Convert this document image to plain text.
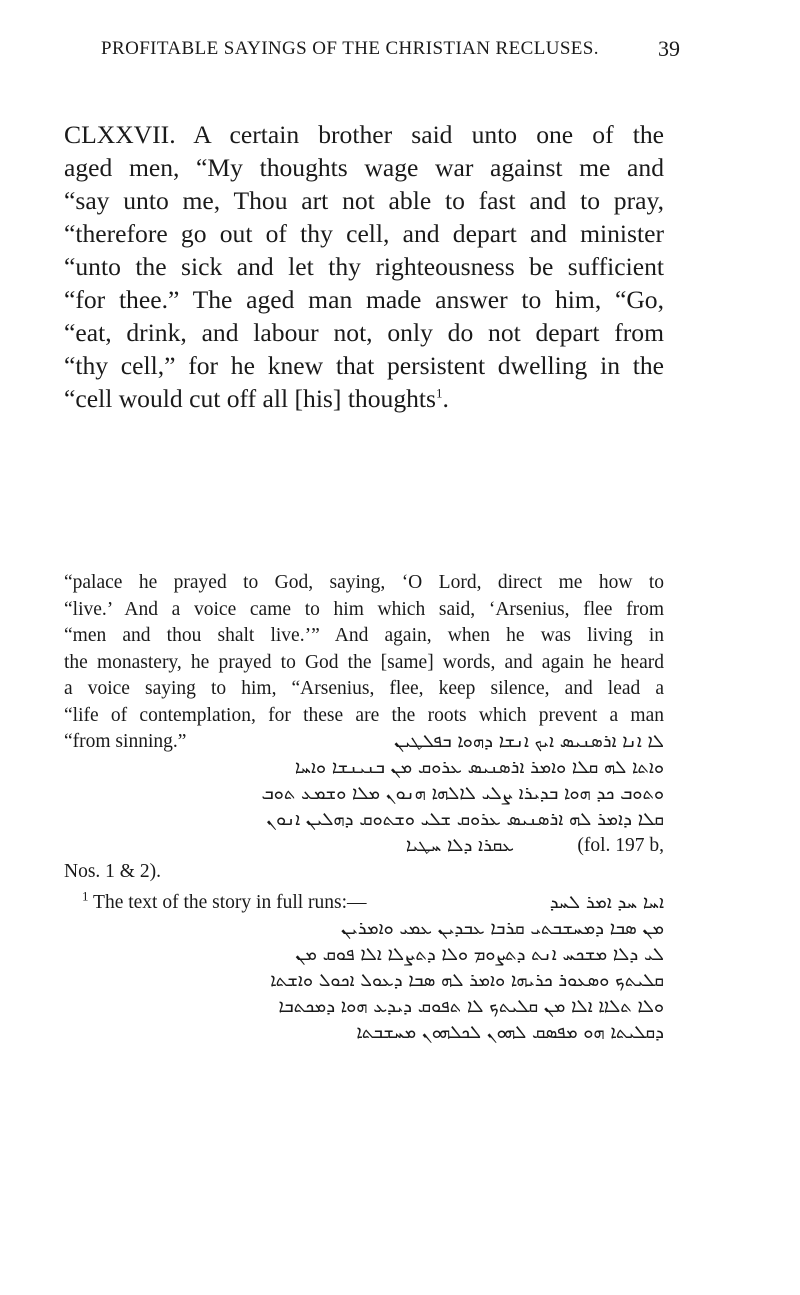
PROFITABLE SAYINGS OF THE CHRISTIAN RECLUSES.	39
CLXXVII. A certain brother said unto one of the
aged men, “My thoughts wage war against me and
“say unto me, Thou art not able to fast and to pray,
“therefore go out of thy cell, and depart and minister
“unto the sick and let thy righteousness be sufficient
“for thee.” The aged man made answer to him, “Go,
“eat, drink, and labour not, only do not depart from
“thy cell,” for he knew that persistent dwelling in the
“cell would cut off all [his] thoughts$^1$.
“palace he prayed to God, saying, ‘O Lord, direct me how to
“live.’ And a voice came to him which said, ‘Arsenius, flee from
“men and thou shalt live.’” And again, when he was living in
the monastery, he prayed to God the [same] words, and again he heard
a voice saying to him, “Arsenius, flee, keep silence, and lead a
“life of contemplation, for these are the roots which prevent a man
“from sinning.”	ܠܐ ܐܢܐ ܐܪܣܢܝܣ ܐܝܟ ܐܢܫܐ ܕܗܘܐ ܒܦܠܛܝܢ
ܘܐܬܐ ܠܗ ܩܠܐ ܘܐܡܪ ܐܪܣܢܝܣ ܥܪܘܩ ܡܢ ܒܢܝܢܫܐ ܘܐܚܐ
ܘܬܘܒ ܟܕ ܗܘܐ ܒܕܝܪܐ ܨܠܝ ܠܐܠܗܐ ܗܢܘܢ ܡܠܐ ܘܫܡܥ ܬܘܒ
ܩܠܐ ܕܐܡܪ ܠܗ ܐܪܣܢܝܣ ܥܪܘܩ ܫܠܝ ܘܫܬܘܩ ܕܗܠܝܢ ܐܢܘܢ
ܥܩܪܐ ܕܠܐ ܚܛܝܐ	(fol. 197 b,
Nos. 1 & 2).
$^1$ The text of the story in full runs:—	ܐܚܐ ܚܕ ܐܡܪ ܠܚܕ
ܡܢ ܣܒܐ ܕܡܚܫܒܬܝ ܩܪܒܐ ܥܒܕܝܢ ܥܡܝ ܘܐܡܪܝܢ
ܠܝ ܕܠܐ ܡܫܟܚ ܐܢܬ ܕܬܨܘܡ ܘܠܐ ܕܬܨܠܐ ܐܠܐ ܦܘܩ ܡܢ
ܩܠܝܬܟ ܘܣܥܘܪ ܟܪܝܗܐ ܘܐܡܪ ܠܗ ܣܒܐ ܕܥܘܠ ܐܟܘܠ ܘܐܫܬܐ
ܘܠܐ ܬܠܐܐ ܐܠܐ ܡܢ ܩܠܝܬܟ ܠܐ ܬܦܘܩ ܕܝܕܥ ܗܘܐ ܕܡܟܬܒܐ
ܕܩܠܝܬܐ ܗܘ ܡܦܣܩ ܠܗܘܢ ܠܟܠܗܘܢ ܡܚܫܒܬܐ
